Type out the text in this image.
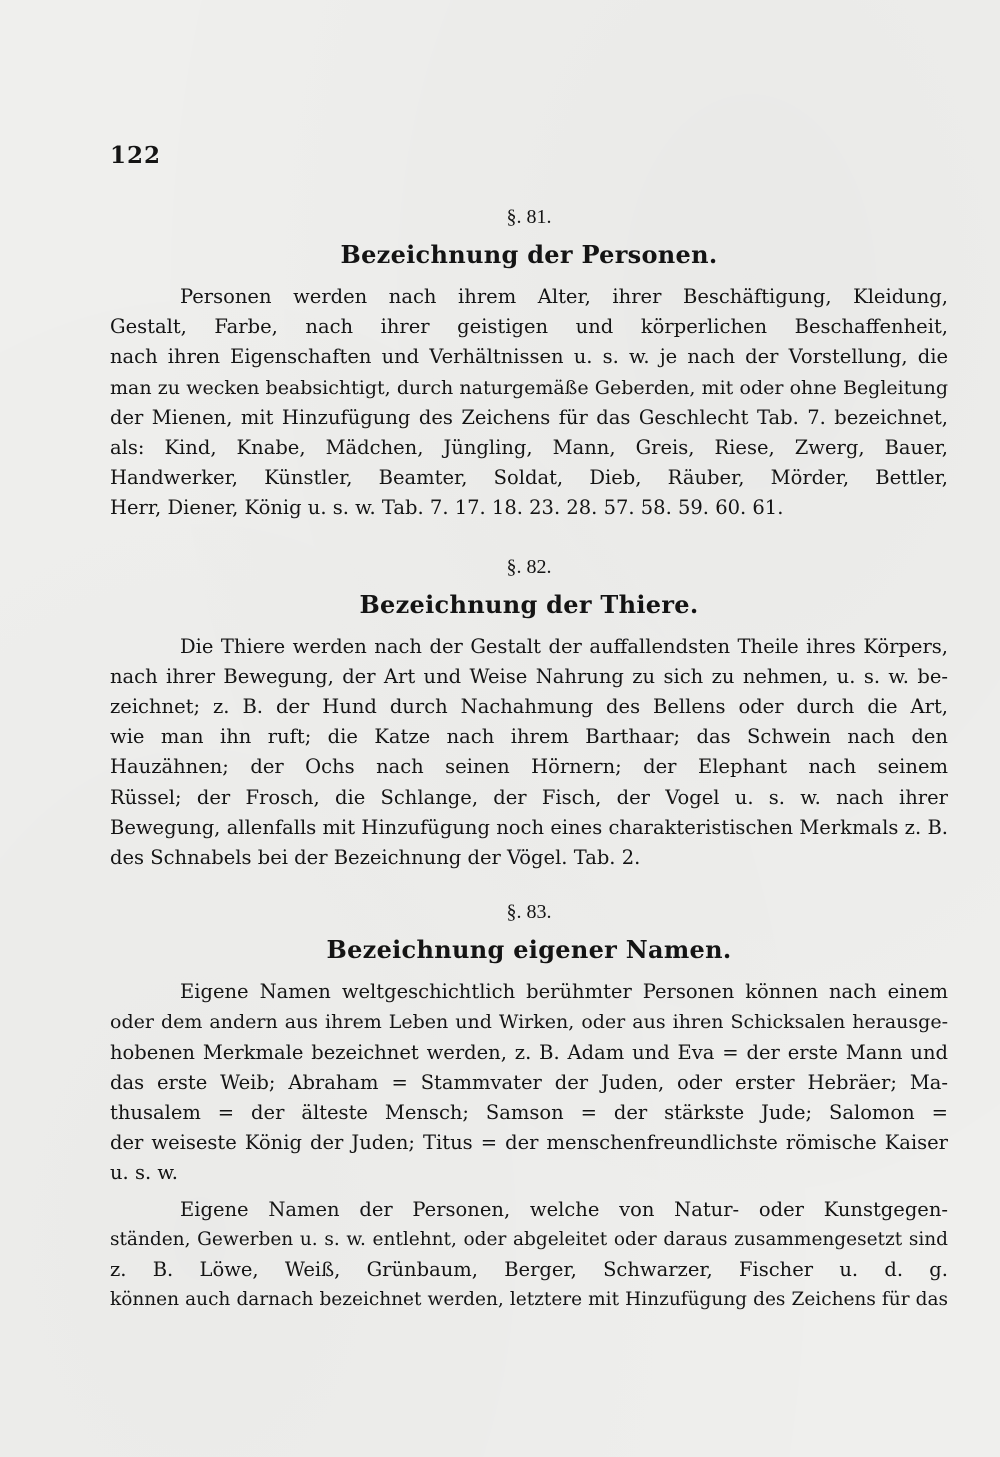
122
§. 81.
Bezeichnung der Personen.
Personen werden nach ihrem Alter, ihrer Beschäftigung, Kleidung,
Gestalt, Farbe, nach ihrer geistigen und körperlichen Beschaffenheit,
nach ihren Eigenschaften und Verhältnissen u. s. w. je nach der Vorstellung, die
man zu wecken beabsichtigt, durch naturgemäße Geberden, mit oder ohne Begleitung
der Mienen, mit Hinzufügung des Zeichens für das Geschlecht Tab. 7. bezeichnet,
als: Kind, Knabe, Mädchen, Jüngling, Mann, Greis, Riese, Zwerg, Bauer,
Handwerker, Künstler, Beamter, Soldat, Dieb, Räuber, Mörder, Bettler,
Herr, Diener, König u. s. w. Tab. 7. 17. 18. 23. 28. 57. 58. 59. 60. 61.
§. 82.
Bezeichnung der Thiere.
Die Thiere werden nach der Gestalt der auffallendsten Theile ihres Körpers,
nach ihrer Bewegung, der Art und Weise Nahrung zu sich zu nehmen, u. s. w. be-
zeichnet; z. B. der Hund durch Nachahmung des Bellens oder durch die Art,
wie man ihn ruft; die Katze nach ihrem Barthaar; das Schwein nach den
Hauzähnen; der Ochs nach seinen Hörnern; der Elephant nach seinem
Rüssel; der Frosch, die Schlange, der Fisch, der Vogel u. s. w. nach ihrer
Bewegung, allenfalls mit Hinzufügung noch eines charakteristischen Merkmals z. B.
des Schnabels bei der Bezeichnung der Vögel. Tab. 2.
§. 83.
Bezeichnung eigener Namen.
Eigene Namen weltgeschichtlich berühmter Personen können nach einem
oder dem andern aus ihrem Leben und Wirken, oder aus ihren Schicksalen herausge-
hobenen Merkmale bezeichnet werden, z. B. Adam und Eva = der erste Mann und
das erste Weib; Abraham = Stammvater der Juden, oder erster Hebräer; Ma-
thusalem = der älteste Mensch; Samson = der stärkste Jude; Salomon =
der weiseste König der Juden; Titus = der menschenfreundlichste römische Kaiser
u. s. w.
Eigene Namen der Personen, welche von Natur- oder Kunstgegen-
ständen, Gewerben u. s. w. entlehnt, oder abgeleitet oder daraus zusammengesetzt sind
z. B. Löwe, Weiß, Grünbaum, Berger, Schwarzer, Fischer u. d. g.
können auch darnach bezeichnet werden, letztere mit Hinzufügung des Zeichens für das
